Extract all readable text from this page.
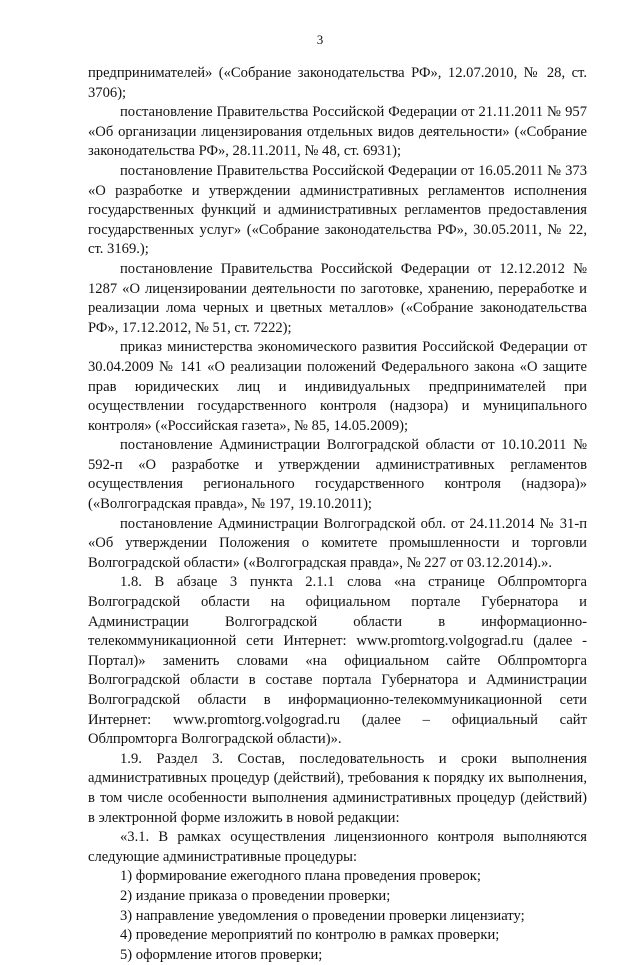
3

предпринимателей» («Собрание законодательства РФ», 12.07.2010, № 28, ст. 3706);

постановление Правительства Российской Федерации от 21.11.2011 № 957 «Об организации лицензирования отдельных видов деятельности» («Собрание законодательства РФ», 28.11.2011, № 48, ст. 6931);

постановление Правительства Российской Федерации от 16.05.2011 № 373 «О разработке и утверждении административных регламентов исполнения государственных функций и административных регламентов предоставления государственных услуг» («Собрание законодательства РФ», 30.05.2011, № 22, ст. 3169.);

постановление Правительства Российской Федерации от 12.12.2012 № 1287 «О лицензировании деятельности по заготовке, хранению, переработке и реализации лома черных и цветных металлов» («Собрание законодательства РФ», 17.12.2012, № 51, ст. 7222);

приказ министерства экономического развития Российской Федерации от 30.04.2009 № 141 «О реализации положений Федерального закона «О защите прав юридических лиц и индивидуальных предпринимателей при осуществлении государственного контроля (надзора) и муниципального контроля» («Российская газета», № 85, 14.05.2009);

постановление Администрации Волгоградской области от 10.10.2011 № 592-п «О разработке и утверждении административных регламентов осуществления регионального государственного контроля (надзора)» («Волгоградская правда», № 197, 19.10.2011);

постановление Администрации Волгоградской обл. от 24.11.2014 № 31-п «Об утверждении Положения о комитете промышленности и торговли Волгоградской области» («Волгоградская правда», № 227 от 03.12.2014).».

1.8. В абзаце 3 пункта 2.1.1 слова «на странице Облпромторга Волгоградской области на официальном портале Губернатора и Администрации Волгоградской области в информационно-телекоммуникационной сети Интернет: www.promtorg.volgograd.ru (далее - Портал)» заменить словами «на официальном сайте Облпромторга Волгоградской области в составе портала Губернатора и Администрации Волгоградской области в информационно-телекоммуникационной сети Интернет: www.promtorg.volgograd.ru (далее – официальный сайт Облпромторга Волгоградской области)».

1.9. Раздел 3. Состав, последовательность и сроки выполнения административных процедур (действий), требования к порядку их выполнения, в том числе особенности выполнения административных процедур (действий) в электронной форме изложить в новой редакции:

«3.1. В рамках осуществления лицензионного контроля выполняются следующие административные процедуры:

1) формирование ежегодного плана проведения проверок;

2) издание приказа о проведении проверки;

3) направление уведомления о проведении проверки лицензиату;

4) проведение мероприятий по контролю в рамках проверки;

5) оформление итогов проверки;
